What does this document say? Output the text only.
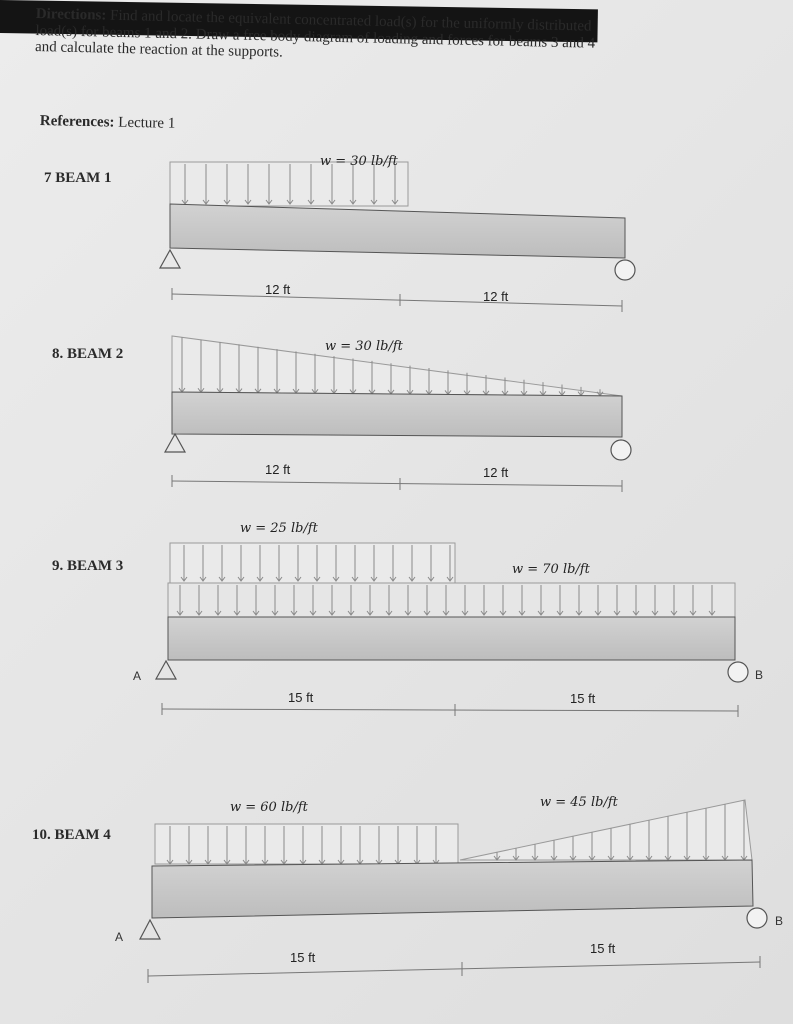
Directions: Find and locate the equivalent concentrated load(s) for the uniformly distributed load(s) for beams 1 and 2. Draw a free body diagram of loading and forces for beams 3 and 4 and calculate the reaction at the supports.

References: Lecture 1
7 BEAM 1
8. BEAM 2
9. BEAM 3
10. BEAM 4
w = 30 lb/ft
12 ft	12 ft
w = 30 lb/ft
12 ft	12 ft
w = 25 lb/ft
w = 70 lb/ft
A	B
15 ft	15 ft
w = 60 lb/ft	w = 45 lb/ft
A
B
15 ft
15 ft
